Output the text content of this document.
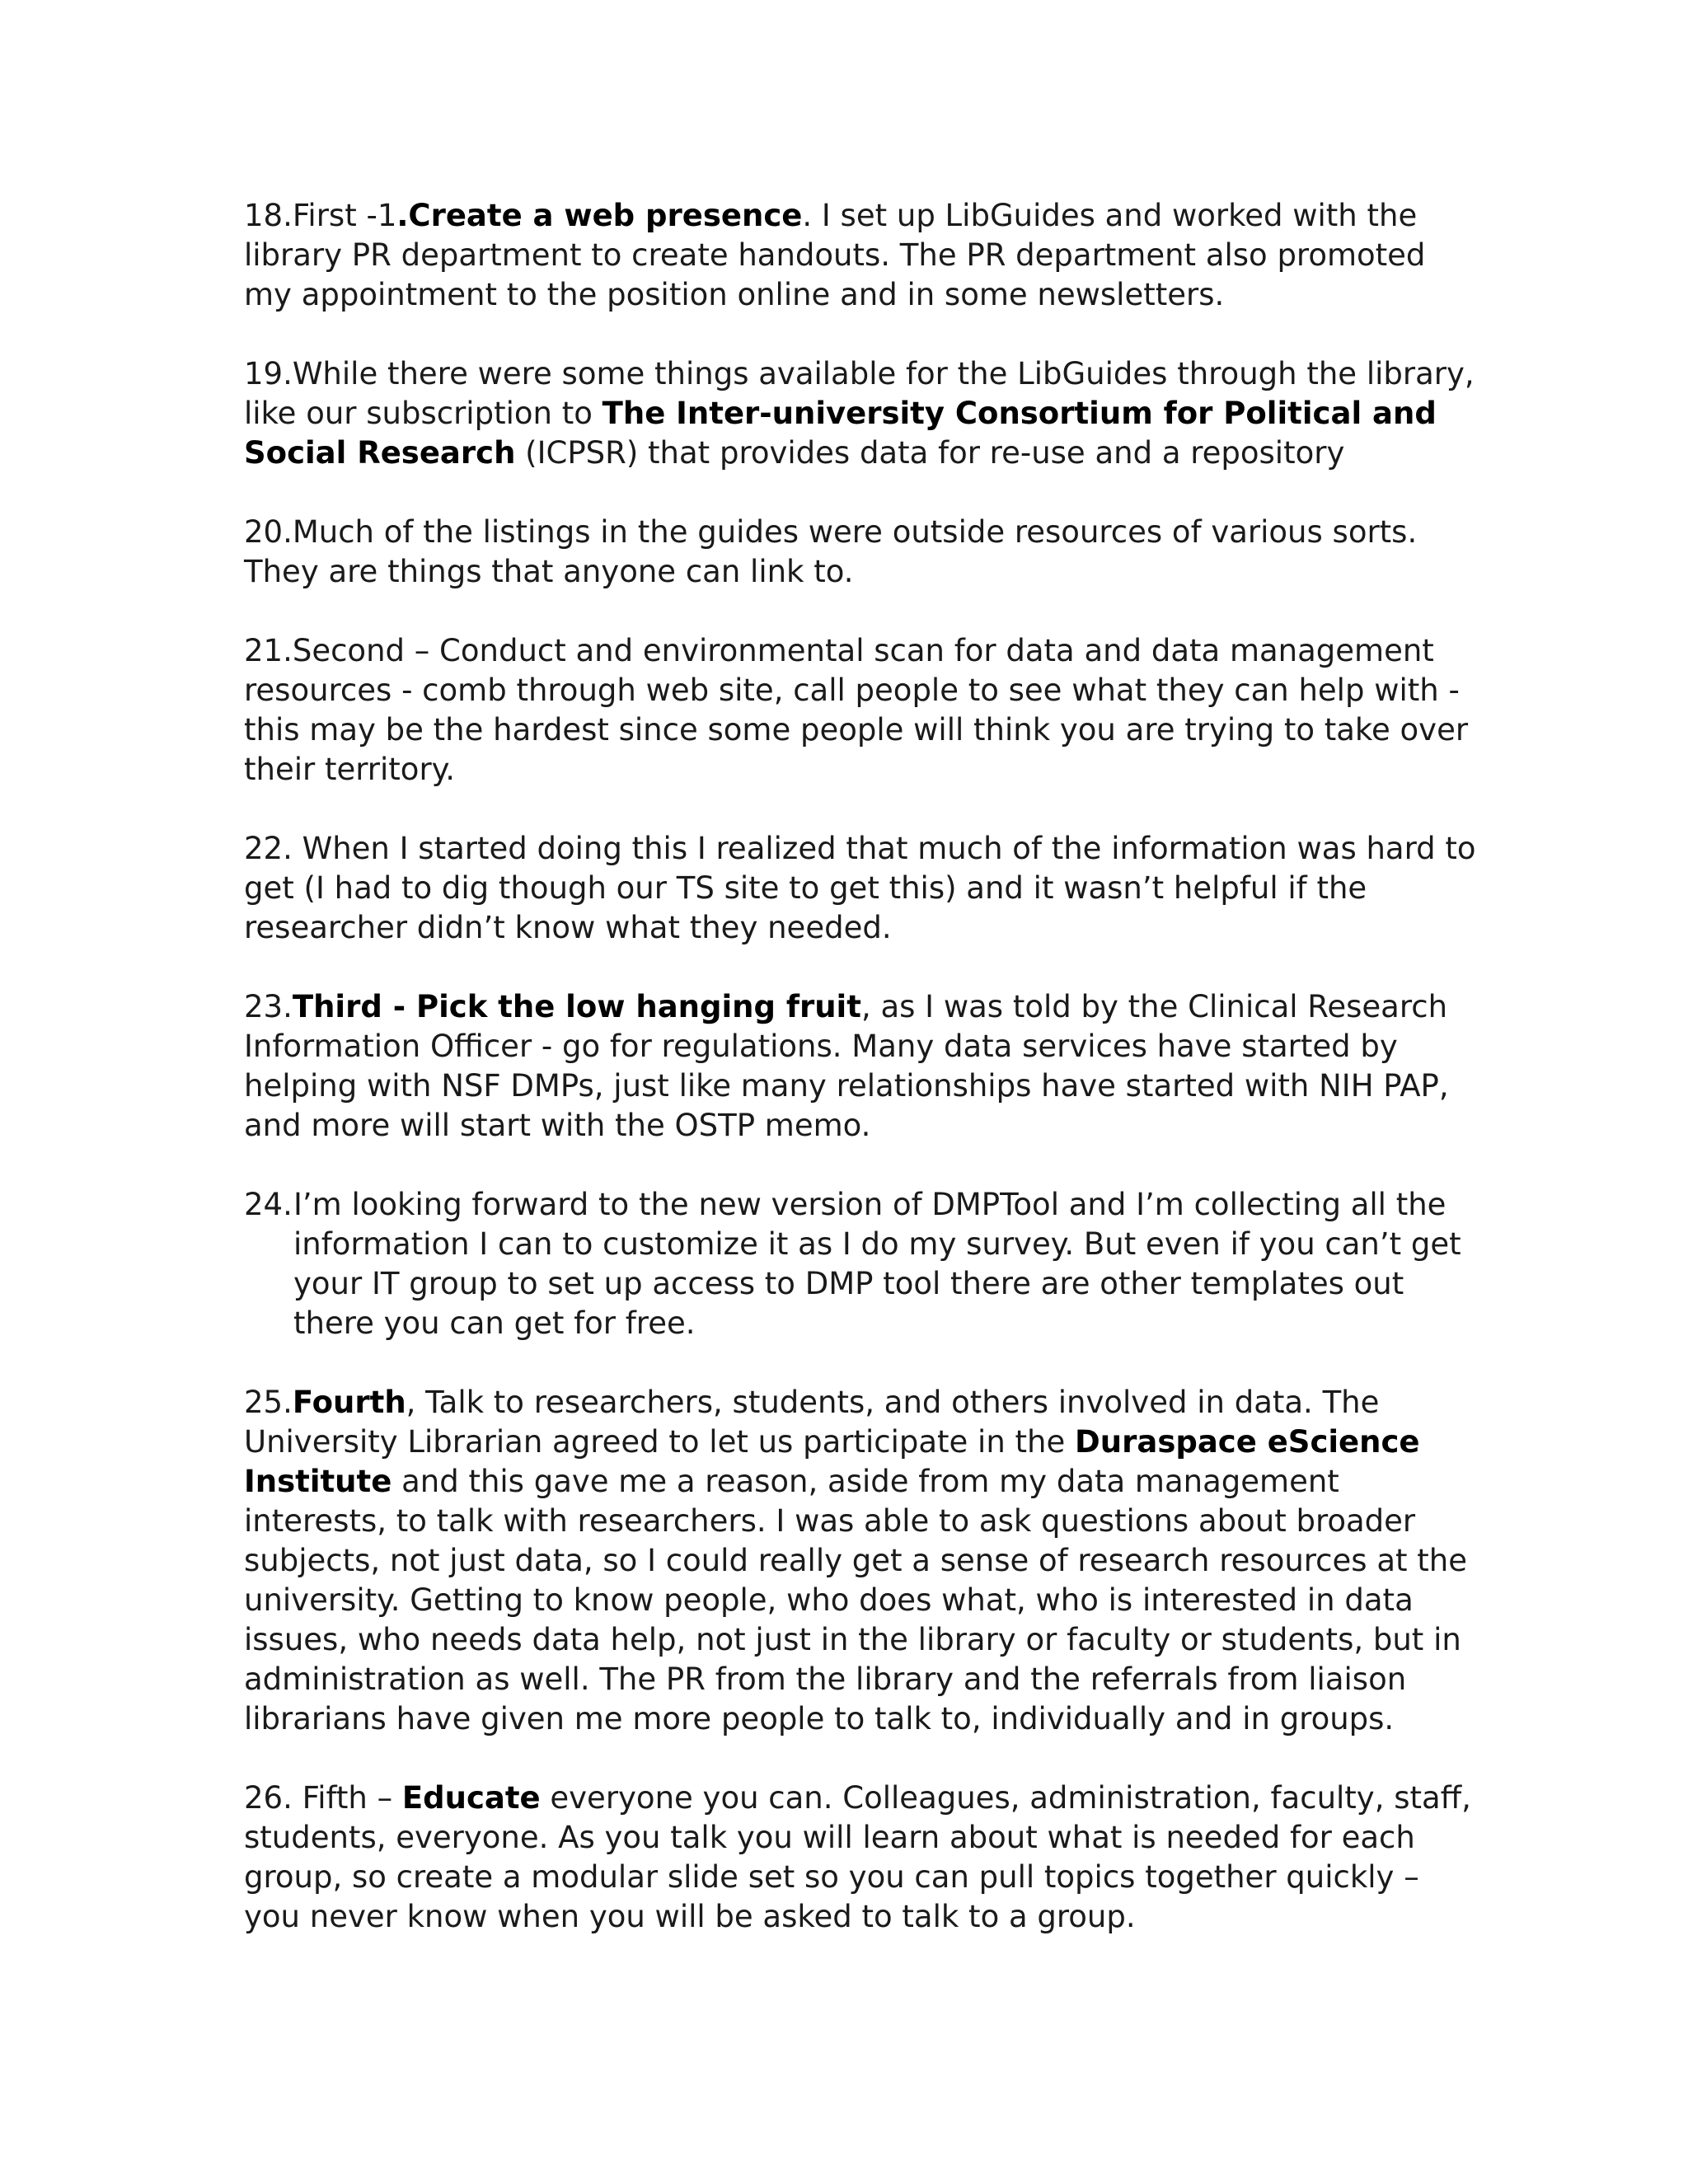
18.First -1.Create a web presence. I set up LibGuides and worked with the library PR department to create handouts. The PR department also promoted my appointment to the position online and in some newsletters.

19.While there were some things available for the LibGuides through the library, like our subscription to The Inter-university Consortium for Political and Social Research (ICPSR) that provides data for re-use and a repository

20.Much of the listings in the guides were outside resources of various sorts. They are things that anyone can link to.

21.Second – Conduct and environmental scan for data and data management resources - comb through web site, call people to see what they can help with - this may be the hardest since some people will think you are trying to take over their territory.

22. When I started doing this I realized that much of the information was hard to get (I had to dig though our TS site to get this) and it wasn’t helpful if the researcher didn’t know what they needed.

23.Third - Pick the low hanging fruit, as I was told by the Clinical Research Information Officer - go for regulations. Many data services have started by helping with NSF DMPs, just like many relationships have started with NIH PAP, and more will start with the OSTP memo.

24.I’m looking forward to the new version of DMPTool and I’m collecting all the information I can to customize it as I do my survey. But even if you can’t get your IT group to set up access to DMP tool there are other templates out there you can get for free.

25.Fourth, Talk to researchers, students, and others involved in data. The University Librarian agreed to let us participate in the Duraspace eScience Institute and this gave me a reason, aside from my data management interests, to talk with researchers. I was able to ask questions about broader subjects, not just data, so I could really get a sense of research resources at the university. Getting to know people, who does what, who is interested in data issues, who needs data help, not just in the library or faculty or students, but in administration as well. The PR from the library and the referrals from liaison librarians have given me more people to talk to, individually and in groups.

26. Fifth – Educate everyone you can. Colleagues, administration, faculty, staff, students, everyone. As you talk you will learn about what is needed for each group, so create a modular slide set so you can pull topics together quickly – you never know when you will be asked to talk to a group.
